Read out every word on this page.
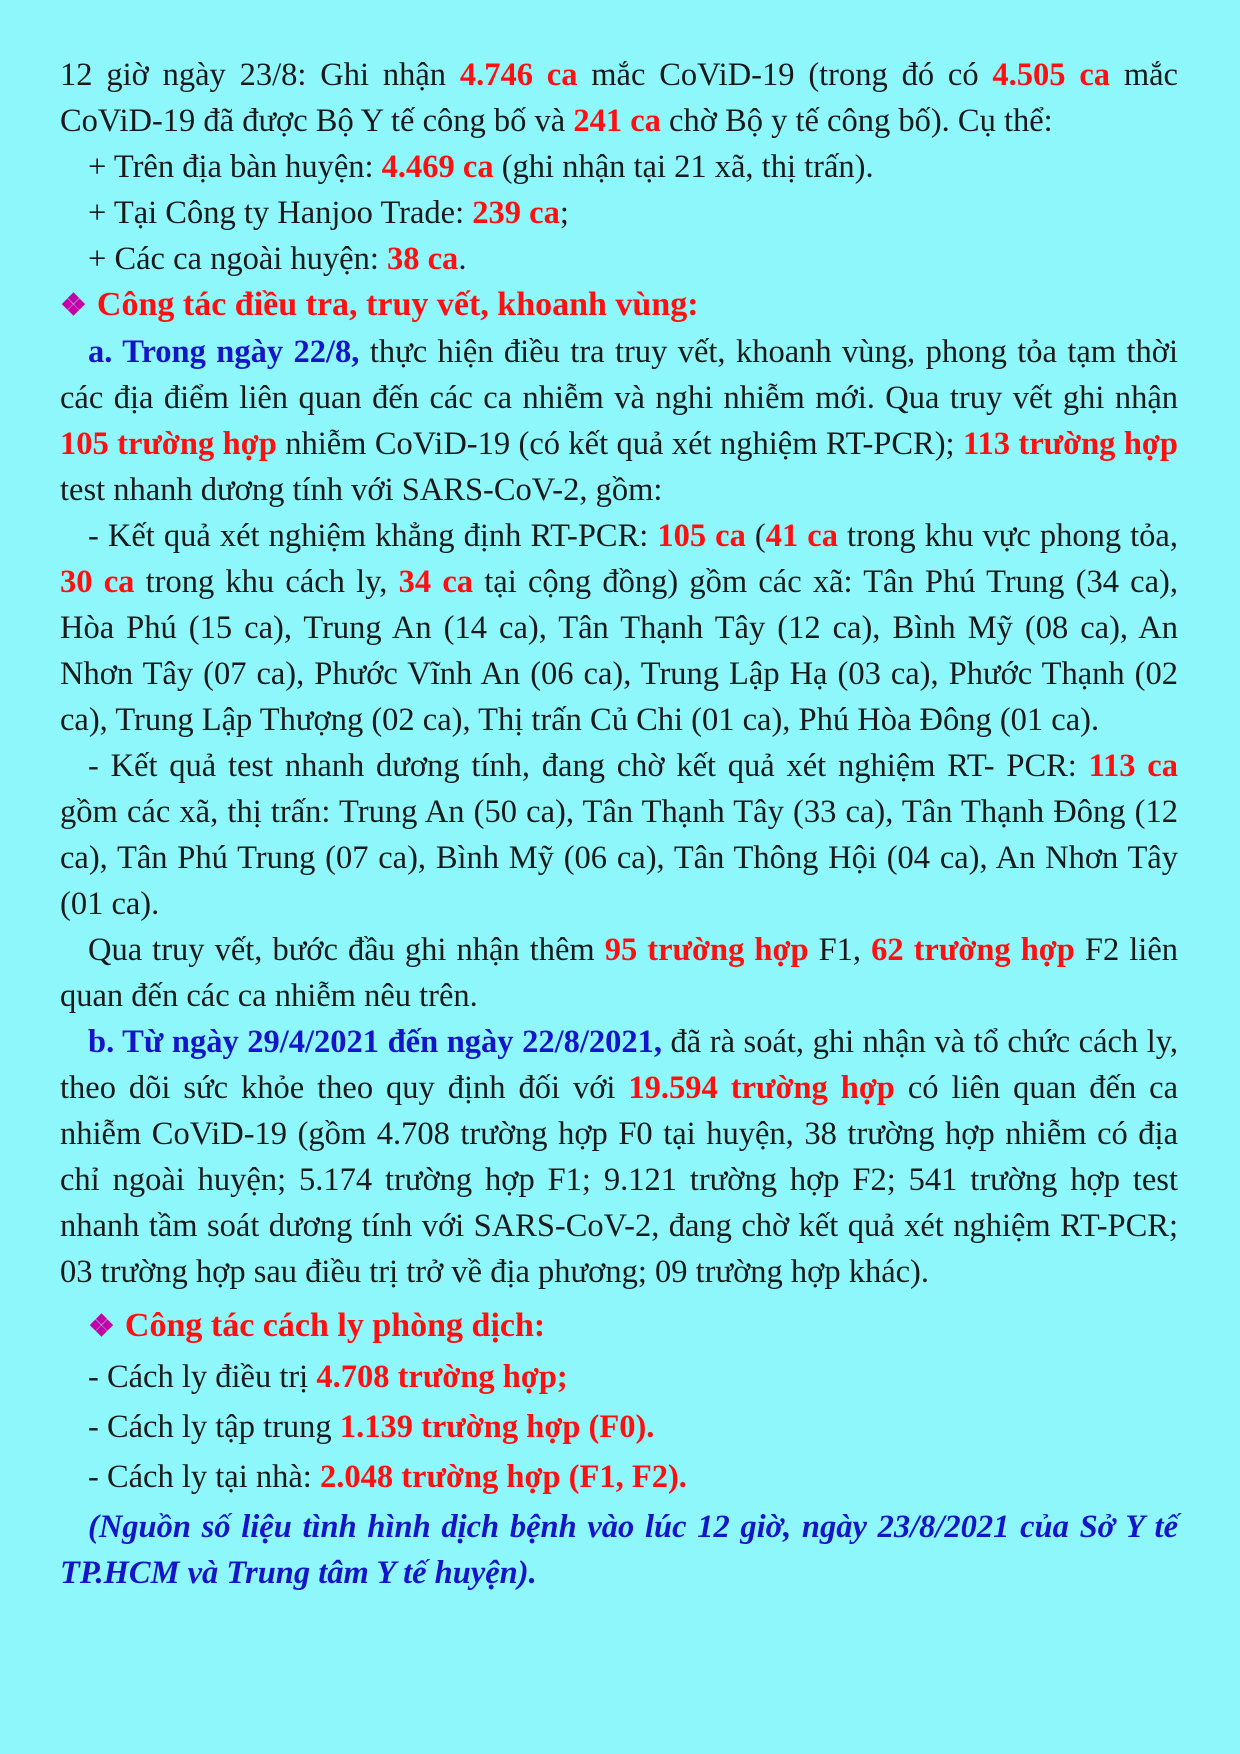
12 giờ ngày 23/8: Ghi nhận 4.746 ca mắc CoViD-19 (trong đó có 4.505 ca mắc CoViD-19 đã được Bộ Y tế công bố và 241 ca chờ Bộ y tế công bố). Cụ thể:

+ Trên địa bàn huyện: 4.469 ca (ghi nhận tại 21 xã, thị trấn).

+ Tại Công ty Hanjoo Trade: 239 ca;

+ Các ca ngoài huyện: 38 ca.

❖ Công tác điều tra, truy vết, khoanh vùng:

a. Trong ngày 22/8, thực hiện điều tra truy vết, khoanh vùng, phong tỏa tạm thời các địa điểm liên quan đến các ca nhiễm và nghi nhiễm mới. Qua truy vết ghi nhận 105 trường hợp nhiễm CoViD-19 (có kết quả xét nghiệm RT-PCR); 113 trường hợp test nhanh dương tính với SARS-CoV-2, gồm:

- Kết quả xét nghiệm khẳng định RT-PCR: 105 ca (41 ca trong khu vực phong tỏa, 30 ca trong khu cách ly, 34 ca tại cộng đồng) gồm các xã: Tân Phú Trung (34 ca), Hòa Phú (15 ca), Trung An (14 ca), Tân Thạnh Tây (12 ca), Bình Mỹ (08 ca), An Nhơn Tây (07 ca), Phước Vĩnh An (06 ca), Trung Lập Hạ (03 ca), Phước Thạnh (02 ca), Trung Lập Thượng (02 ca), Thị trấn Củ Chi (01 ca), Phú Hòa Đông (01 ca).

- Kết quả test nhanh dương tính, đang chờ kết quả xét nghiệm RT- PCR: 113 ca gồm các xã, thị trấn: Trung An (50 ca), Tân Thạnh Tây (33 ca), Tân Thạnh Đông (12 ca), Tân Phú Trung (07 ca), Bình Mỹ (06 ca), Tân Thông Hội (04 ca), An Nhơn Tây (01 ca).

Qua truy vết, bước đầu ghi nhận thêm 95 trường hợp F1, 62 trường hợp F2 liên quan đến các ca nhiễm nêu trên.

b. Từ ngày 29/4/2021 đến ngày 22/8/2021, đã rà soát, ghi nhận và tổ chức cách ly, theo dõi sức khỏe theo quy định đối với 19.594 trường hợp có liên quan đến ca nhiễm CoViD-19 (gồm 4.708 trường hợp F0 tại huyện, 38 trường hợp nhiễm có địa chỉ ngoài huyện; 5.174 trường hợp F1; 9.121 trường hợp F2; 541 trường hợp test nhanh tầm soát dương tính với SARS-CoV-2, đang chờ kết quả xét nghiệm RT-PCR; 03 trường hợp sau điều trị trở về địa phương; 09 trường hợp khác).

❖ Công tác cách ly phòng dịch:

- Cách ly điều trị 4.708 trường hợp;

- Cách ly tập trung 1.139 trường hợp (F0).

- Cách ly tại nhà: 2.048 trường hợp (F1, F2).

(Nguồn số liệu tình hình dịch bệnh vào lúc 12 giờ, ngày 23/8/2021 của Sở Y tế TP.HCM và Trung tâm Y tế huyện).
